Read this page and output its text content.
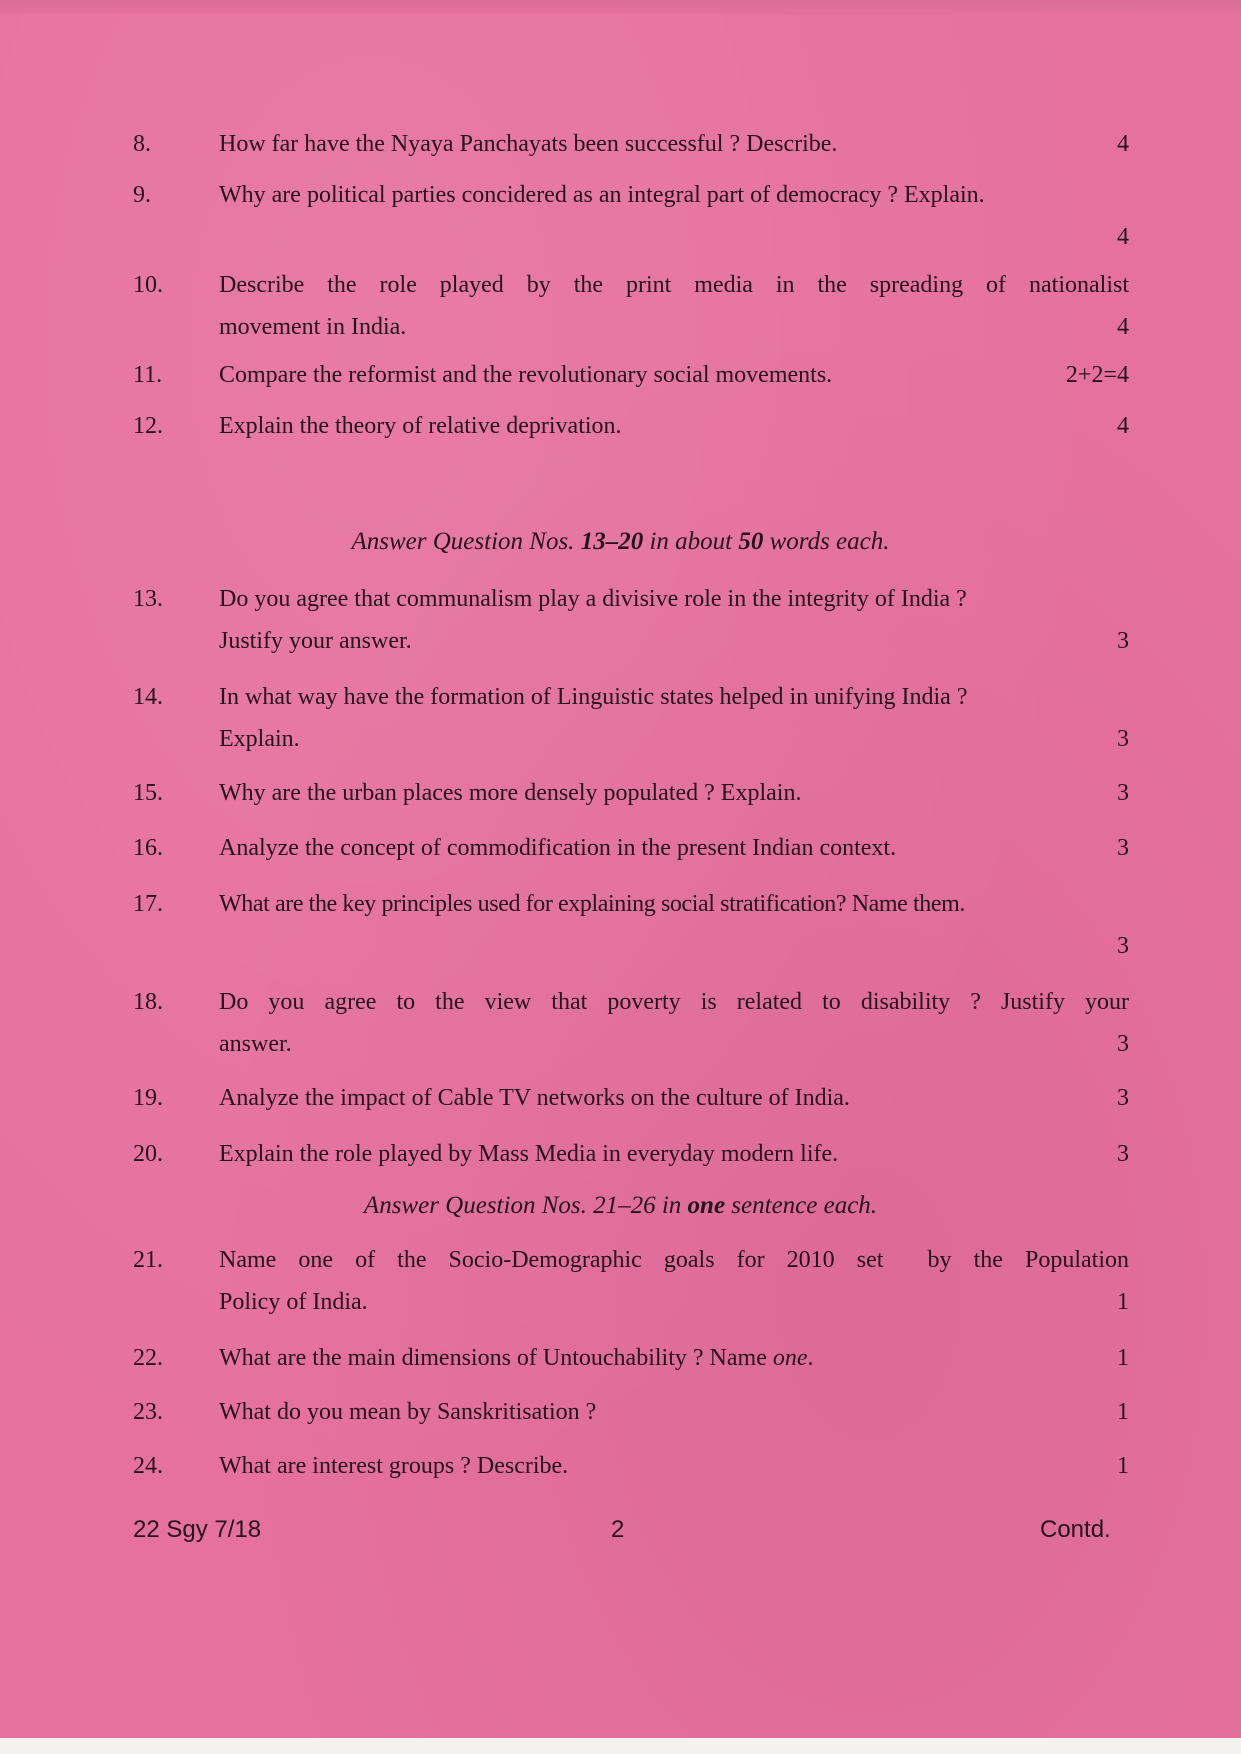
8.	How far have the Nyaya Panchayats been successful ? Describe.	4
9.	Why are political parties concidered as an integral part of democracy ? Explain.
4
10.	Describe the role played by the print media in the spreading of nationalist
movement in India.	4
11.	Compare the reformist and the revolutionary social movements.	2+2=4
12.	Explain the theory of relative deprivation.	4
Answer Question Nos. 13–20 in about 50 words each.
13.	Do you agree that communalism play a divisive role in the integrity of India ?
Justify your answer.	3
14.	In what way have the formation of Linguistic states helped in unifying India ?
Explain.	3
15.	Why are the urban places more densely populated ? Explain.	3
16.	Analyze the concept of commodification in the present Indian context.	3
17.	What are the key principles used for explaining social stratification? Name them.
3
18.	Do you agree to the view that poverty is related to disability ? Justify your
answer.	3
19.	Analyze the impact of Cable TV networks on the culture of India.	3
20.	Explain the role played by Mass Media in everyday modern life.	3
Answer Question Nos. 21–26 in one sentence each.
21.	Name one of the Socio-Demographic goals for 2010 set  by the Population
Policy of India.	1
22.	What are the main dimensions of Untouchability ? Name one.	1
23.	What do you mean by Sanskritisation ?	1
24.	What are interest groups ? Describe.	1
22 Sgy 7/18	2	Contd.
